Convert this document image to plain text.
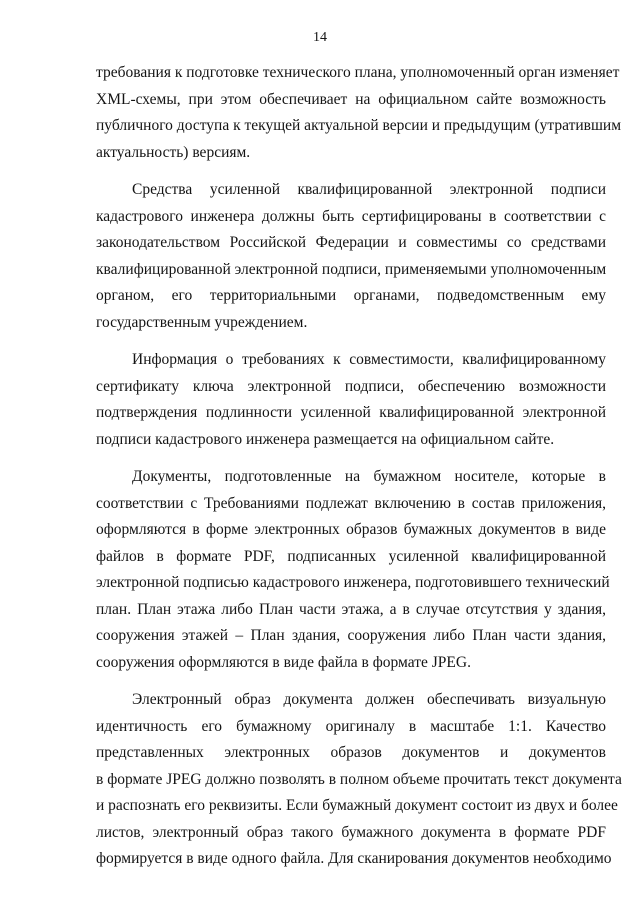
14
требования к подготовке технического плана, уполномоченный орган изменяет
XML-схемы, при этом обеспечивает на официальном сайте возможность
публичного доступа к текущей актуальной версии и предыдущим (утратившим
актуальность) версиям.
Средства усиленной квалифицированной электронной подписи
кадастрового инженера должны быть сертифицированы в соответствии с
законодательством Российской Федерации и совместимы со средствами
квалифицированной электронной подписи, применяемыми уполномоченным
органом, его территориальными органами, подведомственным ему
государственным учреждением.
Информация о требованиях к совместимости, квалифицированному
сертификату ключа электронной подписи, обеспечению возможности
подтверждения подлинности усиленной квалифицированной электронной
подписи кадастрового инженера размещается на официальном сайте.
Документы, подготовленные на бумажном носителе, которые в
соответствии с Требованиями подлежат включению в состав приложения,
оформляются в форме электронных образов бумажных документов в виде
файлов в формате PDF, подписанных усиленной квалифицированной
электронной подписью кадастрового инженера, подготовившего технический
план. План этажа либо План части этажа, а в случае отсутствия у здания,
сооружения этажей – План здания, сооружения либо План части здания,
сооружения оформляются в виде файла в формате JPEG.
Электронный образ документа должен обеспечивать визуальную
идентичность его бумажному оригиналу в масштабе 1:1. Качество
представленных электронных образов документов и документов
в формате JPEG должно позволять в полном объеме прочитать текст документа
и распознать его реквизиты. Если бумажный документ состоит из двух и более
листов, электронный образ такого бумажного документа в формате PDF
формируется в виде одного файла. Для сканирования документов необходимо
